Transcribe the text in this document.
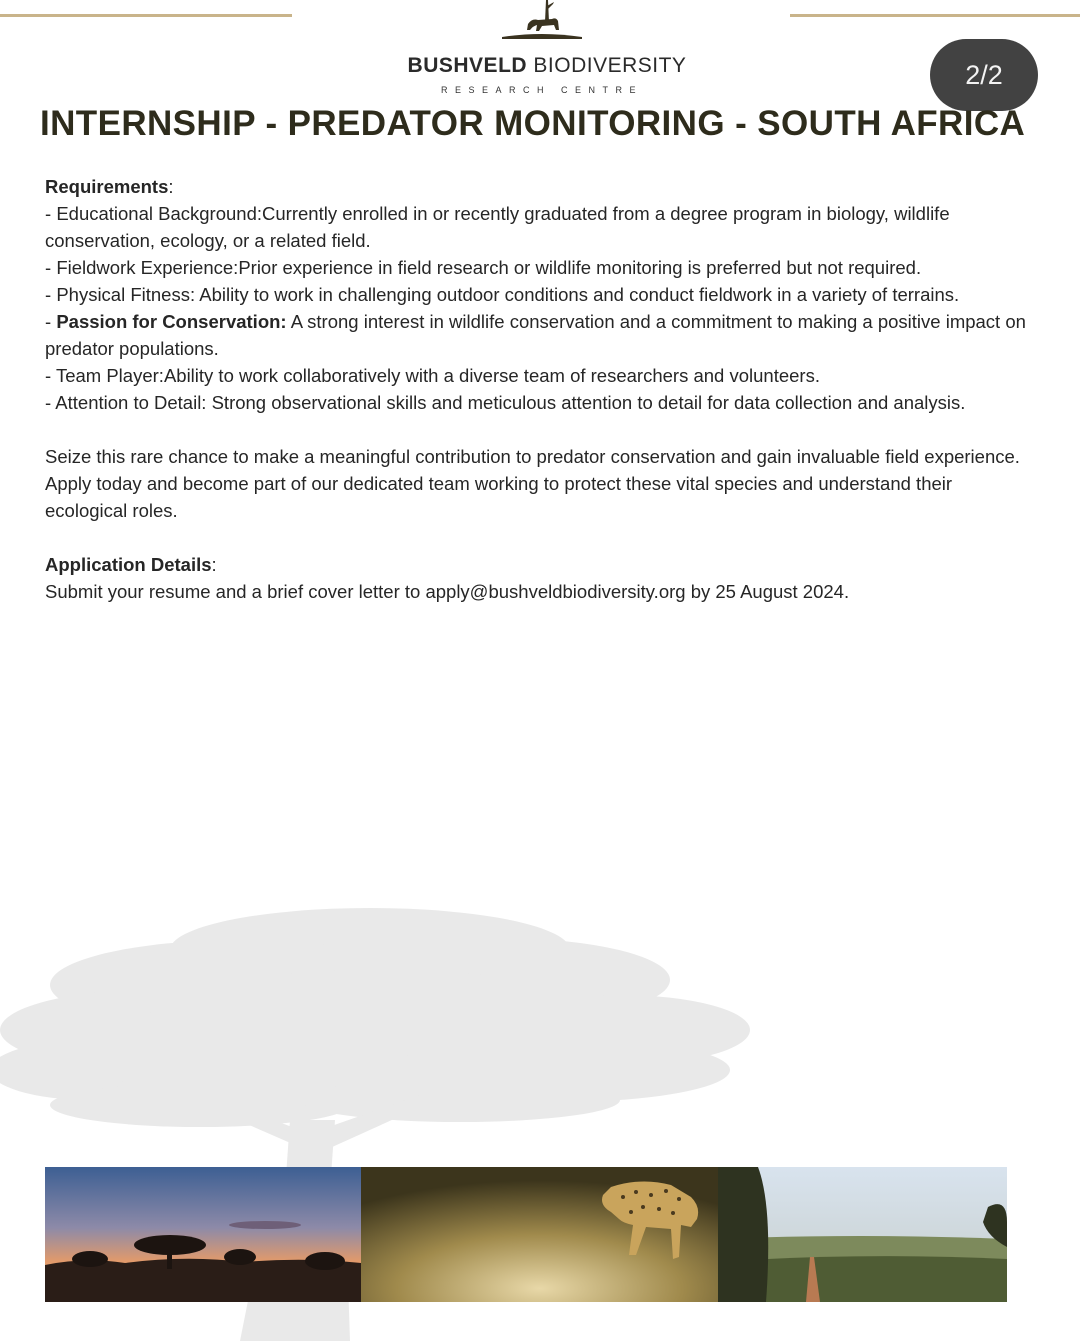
BUSHVELD BIODIVERSITY
RESEARCH CENTRE
2/2
INTERNSHIP - PREDATOR MONITORING - SOUTH AFRICA

Requirements:

- Educational Background:Currently enrolled in or recently graduated from a degree program in biology, wildlife conservation, ecology, or a related field.

- Fieldwork Experience:Prior experience in field research or wildlife monitoring is preferred but not required.

- Physical Fitness: Ability to work in challenging outdoor conditions and conduct fieldwork in a variety of terrains.

- Passion for Conservation: A strong interest in wildlife conservation and a commitment to making a positive impact on predator populations.

- Team Player:Ability to work collaboratively with a diverse team of researchers and volunteers.

- Attention to Detail: Strong observational skills and meticulous attention to detail for data collection and analysis.

Seize this rare chance to make a meaningful contribution to predator conservation and gain invaluable field experience. Apply today and become part of our dedicated team working to protect these vital species and understand their ecological roles.

Application Details:

Submit your resume and a brief cover letter to apply@bushveldbiodiversity.org by 25 August 2024.
